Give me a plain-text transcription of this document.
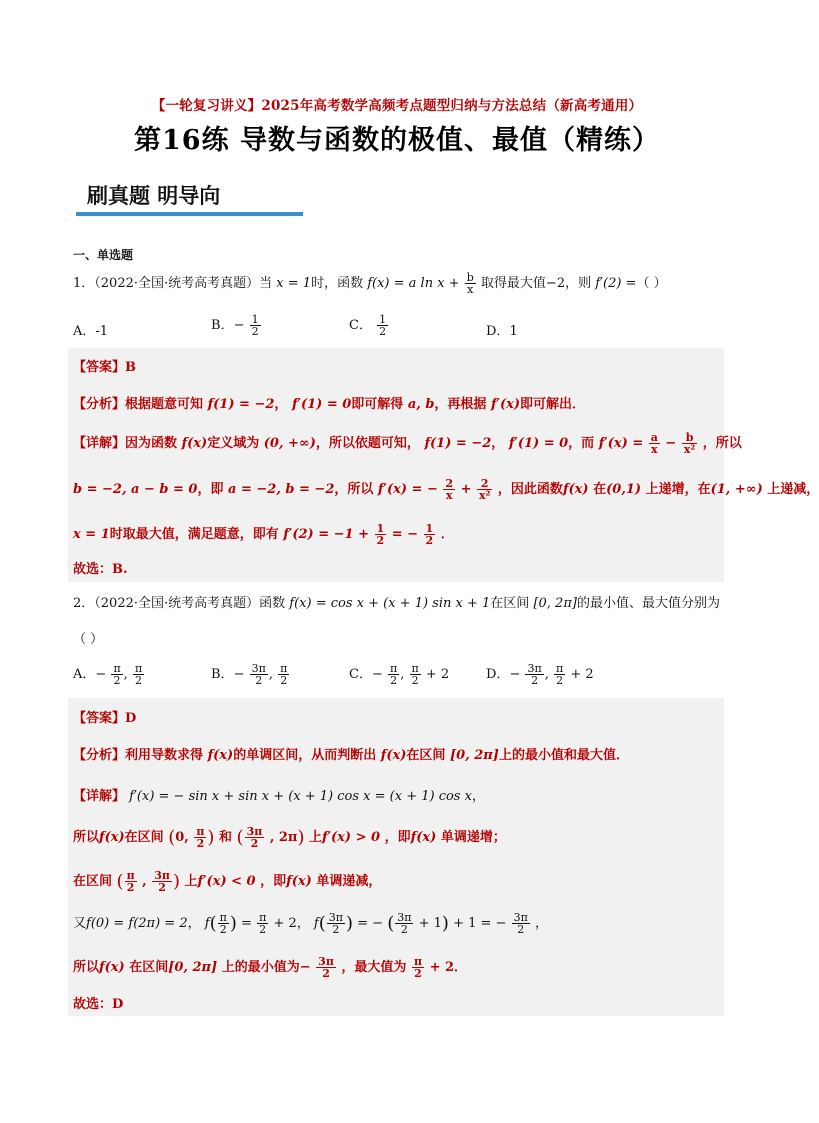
【一轮复习讲义】2025年高考数学高频考点题型归纳与方法总结（新高考通用）
第16练 导数与函数的极值、最值（精练）
刷真题 明导向
一、单选题
1．（2022·全国·统考高考真题）当 x = 1时，函数 f(x) = a $\ln x + \frac{b}{x}$ 取得最大值−2，则 f′(2) =（ ）
A．-1	B．− $\frac{1}{2}$	C． $\frac{1}{2}$	D．1
【答案】B
【分析】根据题意可知 f(1) = −2， f′(1) = 0即可解得 a, b，再根据 f′(x)即可解出．
【详解】因为函数 f(x)定义域为 (0, +∞)，所以依题可知， f(1) = −2， f′(1) = 0，而 $f'(x) = \frac{a}{x} - \frac{b}{\text{x²}}$ ，所以
b = −2, a − b = 0，即 a = −2, b = −2，所以 f′(x) = − $\frac{2}{x} + \frac{2}{\text{x²}}$ ，因此函数f(x) 在(0,1) 上递增，在(1, +∞) 上递减，
x = 1时取最大值，满足题意，即有 $f'(2) = -1 + \frac{1}{2}$ = − $\frac{1}{2}$ ．
故选：B.
2．（2022·全国·统考高考真题）函数 f(x) = cos x + (x + 1) sin x + 1在区间 [0, 2π]的最小值、最大值分别为
（ ）
A．− $\frac{\pi}{2}$ , $\frac{\pi}{2}$	B．− $\frac{3\pi}{2}$ , $\frac{\pi}{2}$	C．− $\frac{\pi}{2}$ , $\frac{\pi}{2} + 2$	D．− $\frac{3\pi}{2}$ , $\frac{\pi}{2} + 2$
【答案】D
【分析】利用导数求得 f(x)的单调区间，从而判断出 f(x)在区间 [0, 2π]上的最小值和最大值．
【详解】 f′(x) = − sin x + sin x + (x + 1) cos x = (x + 1) cos x，
所以f(x)在区间 (0, $\frac{\pi}{2}$ ) 和 ( $\frac{3\pi}{2}$ , 2π) 上f′(x) > 0 ，即f(x) 单调递增；
在区间 ( $\frac{\pi}{2}$ , $\frac{3\pi}{2}$ ) 上f′(x) < 0 ，即f(x) 单调递减，
又f(0) = f(2π) = 2， $f( \frac{\pi}{2}$ ) = $\frac{\pi}{2} + 2$， $f( \frac{3\pi}{2}$ ) = − ( $\frac{3\pi}{2} + 1) + 1$ = − $\frac{3\pi}{2}$ ，
所以f(x) 在区间[0, 2π] 上的最小值为− $\frac{3\pi}{2}$ ，最大值为 $\frac{\pi}{2} + 2$．
故选：D
